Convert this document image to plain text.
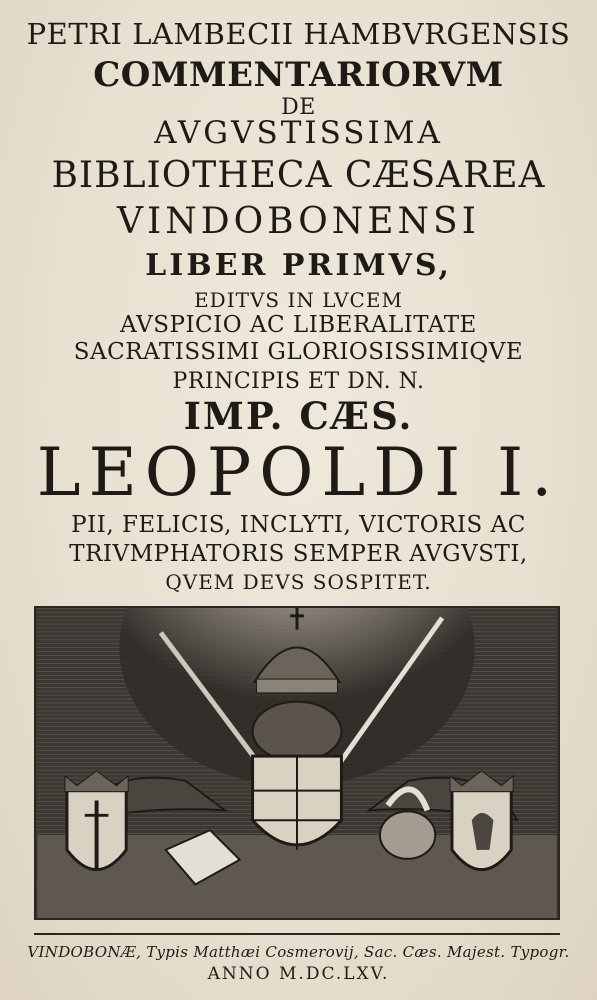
PETRI LAMBECII HAMBVRGENSIS
COMMENTARIORVM
DE
AVGVSTISSIMA
BIBLIOTHECA CÆSAREA
VINDOBONENSI
LIBER PRIMVS,
EDITVS IN LVCEM
AVSPICIO AC LIBERALITATE
SACRATISSIMI GLORIOSISSIMIQVE
PRINCIPIS ET DN. N.
IMP. CÆS.
LEOPOLDI I.
PII, FELICIS, INCLYTI, VICTORIS AC
TRIVMPHATORIS SEMPER AVGVSTI,
QVEM DEVS SOSPITET.
VINDOBONÆ, Typis Matthæi Cosmerovij, Sac. Cæs. Majest. Typogr.
ANNO M.DC.LXV.
